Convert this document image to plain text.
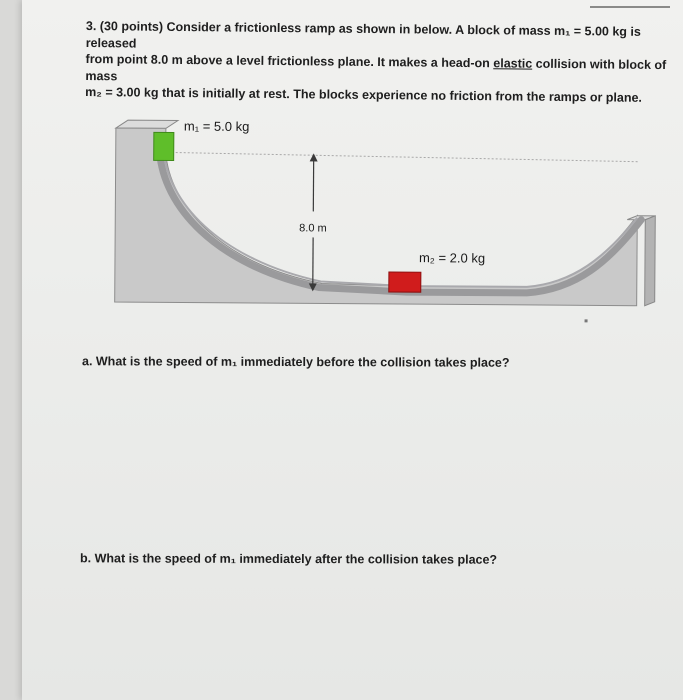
3. (30 points) Consider a frictionless ramp as shown in below. A block of mass m₁ = 5.00 kg is released
from point 8.0 m above a level frictionless plane. It makes a head-on elastic collision with block of mass
m₂ = 3.00 kg that is initially at rest. The blocks experience no friction from the ramps or plane.
8.0 m
m₁ = 5.0 kg
m₂ = 2.0 kg
a. What is the speed of m₁ immediately before the collision takes place?
b. What is the speed of m₁ immediately after the collision takes place?
